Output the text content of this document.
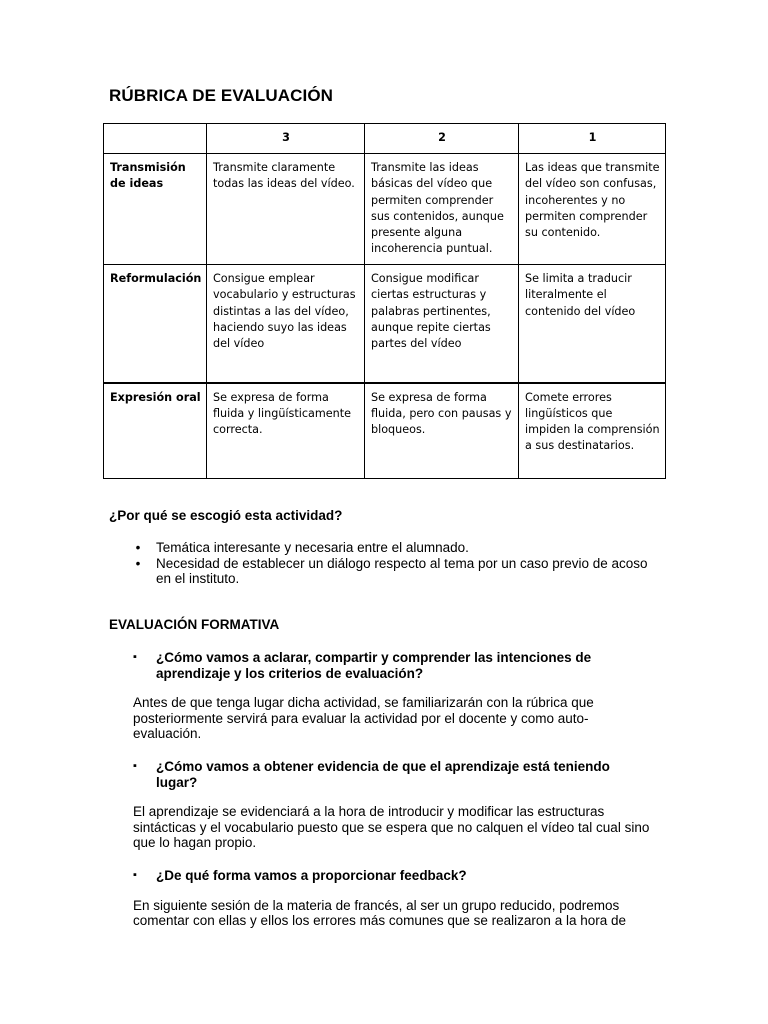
RÚBRICA DE EVALUACIÓN
	3	2	1
Transmisión de ideas	Transmite claramente todas las ideas del vídeo.	Transmite las ideas básicas del vídeo que permiten comprender sus contenidos, aunque presente alguna incoherencia puntual.	Las ideas que transmite del vídeo son confusas, incoherentes y no permiten comprender su contenido.
Reformulación	Consigue emplear vocabulario y estructuras distintas a las del vídeo, haciendo suyo las ideas del vídeo	Consigue modificar ciertas estructuras y palabras pertinentes, aunque repite ciertas partes del vídeo	Se limita a traducir literalmente el contenido del vídeo
Expresión oral	Se expresa de forma fluida y lingüísticamente correcta.	Se expresa de forma fluida, pero con pausas y bloqueos.	Comete errores lingüísticos que impiden la comprensión a sus destinatarios.
¿Por qué se escogió esta actividad?
• Temática interesante y necesaria entre el alumnado.
• Necesidad de establecer un diálogo respecto al tema por un caso previo de acoso en el instituto.
EVALUACIÓN FORMATIVA
▪ ¿Cómo vamos a aclarar, compartir y comprender las intenciones de aprendizaje y los criterios de evaluación?
Antes de que tenga lugar dicha actividad, se familiarizarán con la rúbrica que posteriormente servirá para evaluar la actividad por el docente y como auto-evaluación.
▪ ¿Cómo vamos a obtener evidencia de que el aprendizaje está teniendo lugar?
El aprendizaje se evidenciará a la hora de introducir y modificar las estructuras sintácticas y el vocabulario puesto que se espera que no calquen el vídeo tal cual sino que lo hagan propio.
▪ ¿De qué forma vamos a proporcionar feedback?
En siguiente sesión de la materia de francés, al ser un grupo reducido, podremos comentar con ellas y ellos los errores más comunes que se realizaron a la hora de
